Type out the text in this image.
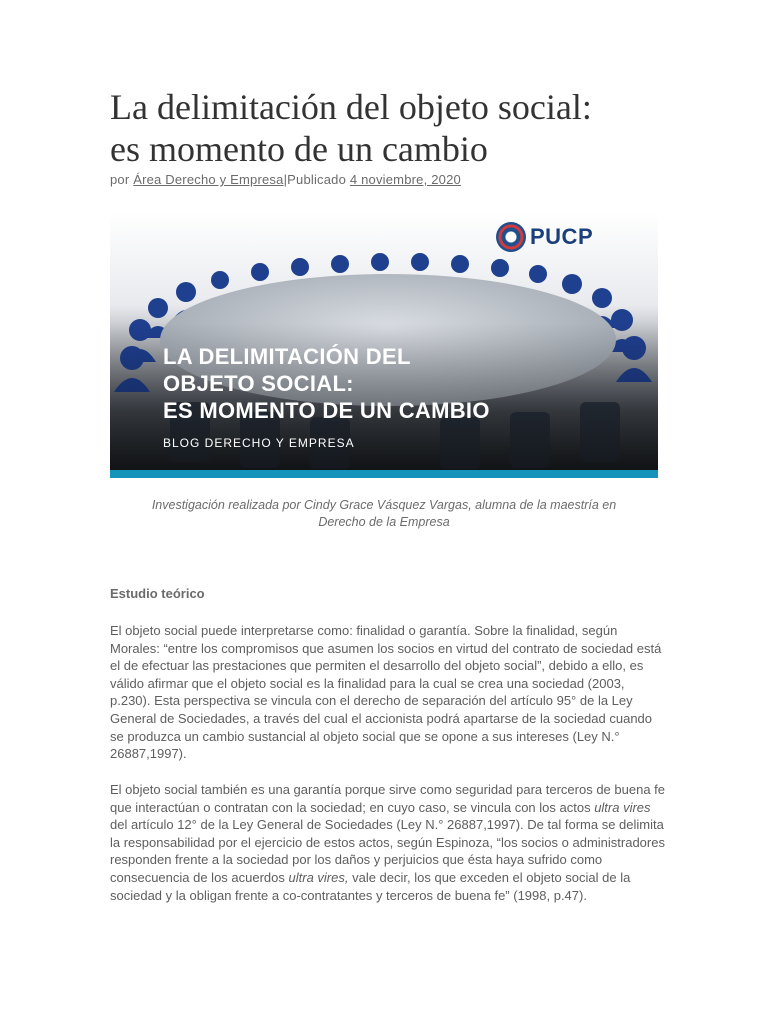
La delimitación del objeto social:
es momento de un cambio
por Área Derecho y Empresa|Publicado 4 noviembre, 2020
PUCP
LA DELIMITACIÓN DEL
OBJETO SOCIAL:
ES MOMENTO DE UN CAMBIO
BLOG DERECHO Y EMPRESA
Investigación realizada por Cindy Grace Vásquez Vargas, alumna de la maestría en
Derecho de la Empresa
Estudio teórico

El objeto social puede interpretarse como: finalidad o garantía. Sobre la finalidad, según Morales: “entre los compromisos que asumen los socios en virtud del contrato de sociedad está el de efectuar las prestaciones que permiten el desarrollo del objeto social”, debido a ello, es válido afirmar que el objeto social es la finalidad para la cual se crea una sociedad (2003, p.230). Esta perspectiva se vincula con el derecho de separación del artículo 95° de la Ley General de Sociedades, a través del cual el accionista podrá apartarse de la sociedad cuando se produzca un cambio sustancial al objeto social que se opone a sus intereses (Ley N.° 26887,1997).

El objeto social también es una garantía porque sirve como seguridad para terceros de buena fe que interactúan o contratan con la sociedad; en cuyo caso, se vincula con los actos ultra vires del artículo 12° de la Ley General de Sociedades (Ley N.° 26887,1997). De tal forma se delimita la responsabilidad por el ejercicio de estos actos, según Espinoza, “los socios o administradores responden frente a la sociedad por los daños y perjuicios que ésta haya sufrido como consecuencia de los acuerdos ultra vires, vale decir, los que exceden el objeto social de la sociedad y la obligan frente a co-contratantes y terceros de buena fe” (1998, p.47).
